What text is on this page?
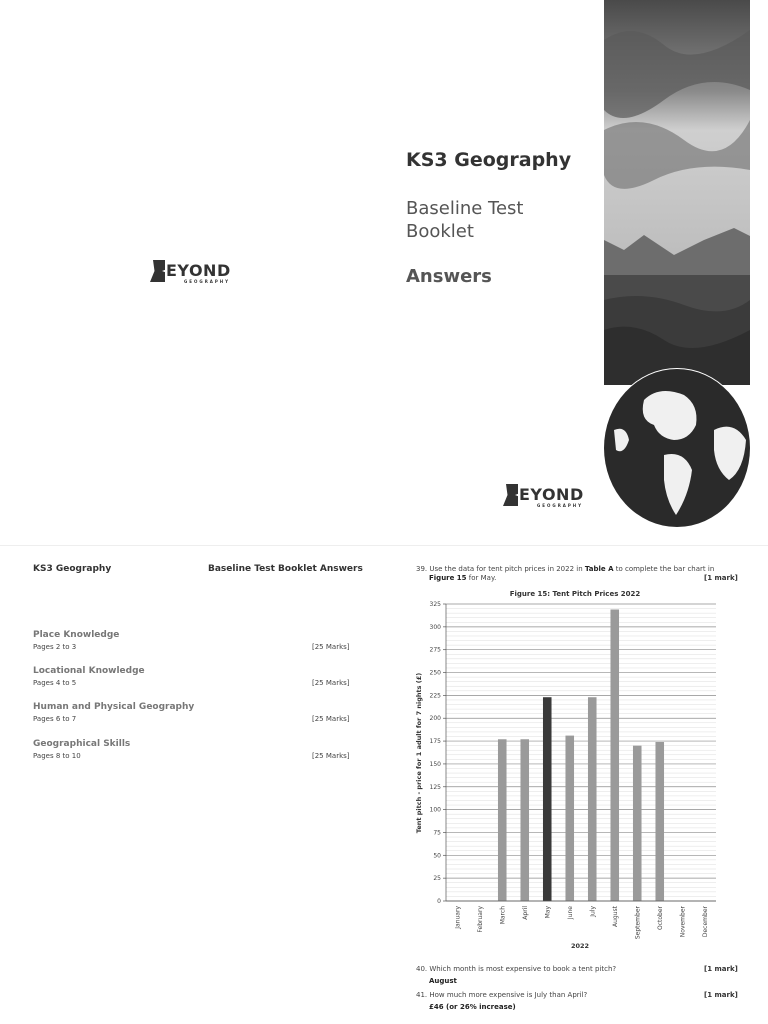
EYOND
GEOGRAPHY
KS3 Geography
Baseline Test
Booklet
Answers
EYOND
GEOGRAPHY
KS3 Geography	Baseline Test Booklet Answers
Place Knowledge
Pages 2 to 3	[25 Marks]
Locational Knowledge
Pages 4 to 5	[25 Marks]
Human and Physical Geography
Pages 6 to 7	[25 Marks]
Geographical Skills
Pages 8 to 10	[25 Marks]
39. Use the data for tent pitch prices in 2022 in Table A to complete the bar chart in
Figure 15 for May.	[1 mark]
Figure 15: Tent Pitch Prices 2022
0
25
50
75
100
125
150
175
200
225
250
275
300
325
January	February	March	April	May	June	July	August	September	October	November	December
Tent pitch - price for 1 adult for 7 nights (£)
2022
40. Which month is most expensive to book a tent pitch?	[1 mark]
August
41. How much more expensive is July than April?	[1 mark]
£46 (or 26% increase)
